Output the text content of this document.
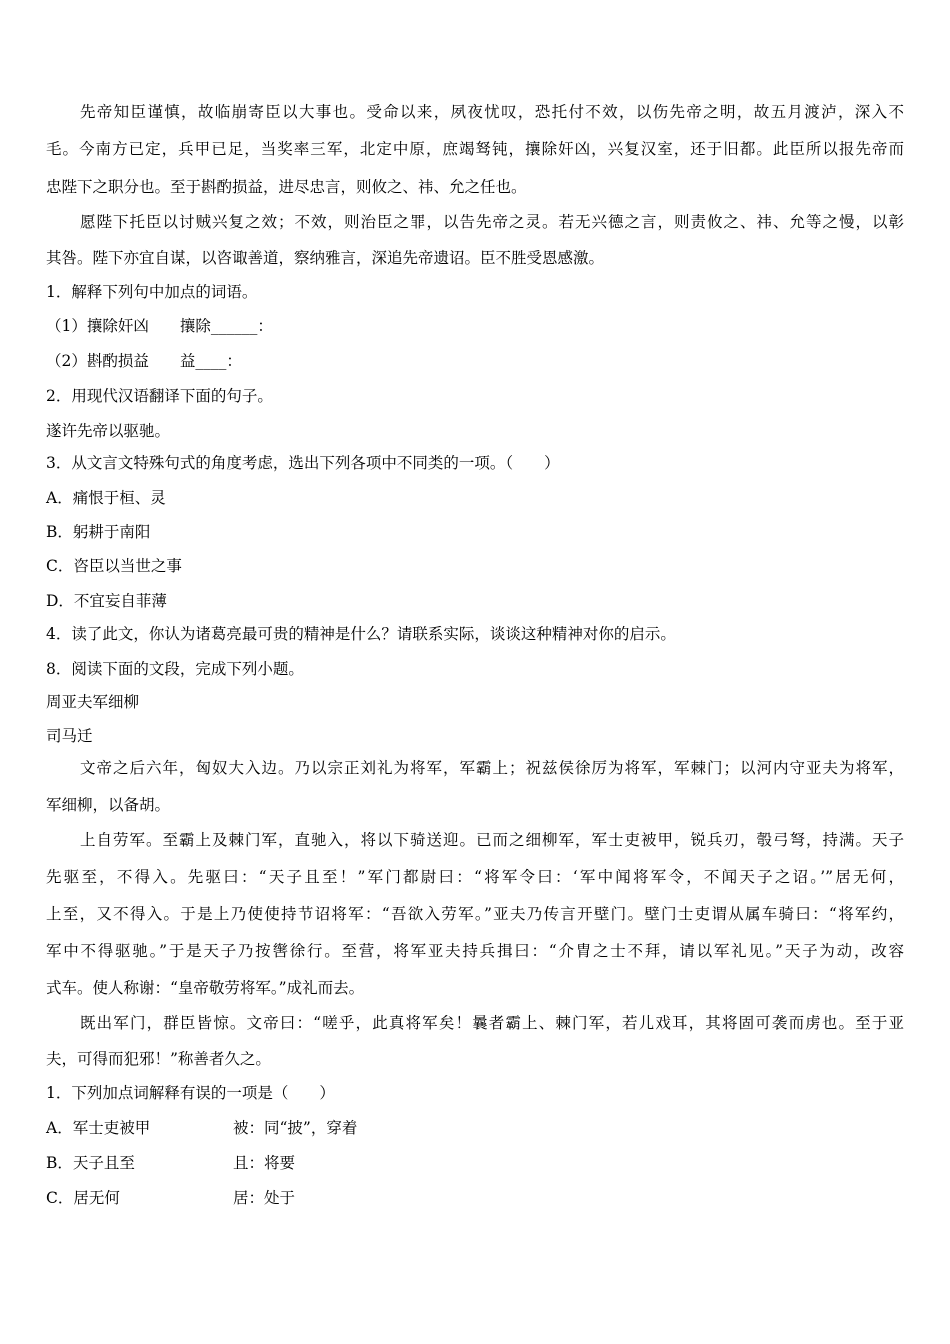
先帝知臣谨慎，故临崩寄臣以大事也。受命以来，夙夜忧叹，恐托付不效，以伤先帝之明，故五月渡泸，深入不
毛。今南方已定，兵甲已足，当奖率三军，北定中原，庶竭驽钝，攘除奸凶，兴复汉室，还于旧都。此臣所以报先帝而
忠陛下之职分也。至于斟酌损益，进尽忠言，则攸之、祎、允之任也。
愿陛下托臣以讨贼兴复之效；不效，则治臣之罪，以告先帝之灵。若无兴德之言，则责攸之、祎、允等之慢，以彰
其咎。陛下亦宜自谋，以咨诹善道，察纳雅言，深追先帝遗诏。臣不胜受恩感激。
1．解释下列句中加点的词语。
（1）攘除奸凶　　攘除______：
（2）斟酌损益　　益____：
2．用现代汉语翻译下面的句子。
遂许先帝以驱驰。
3．从文言文特殊句式的角度考虑，选出下列各项中不同类的一项。（　　）
A．痛恨于桓、灵
B．躬耕于南阳
C．咨臣以当世之事
D．不宜妄自菲薄
4．读了此文，你认为诸葛亮最可贵的精神是什么？请联系实际，谈谈这种精神对你的启示。
8．阅读下面的文段，完成下列小题。
周亚夫军细柳
司马迁
文帝之后六年，匈奴大入边。乃以宗正刘礼为将军，军霸上；祝兹侯徐厉为将军，军棘门；以河内守亚夫为将军，
军细柳，以备胡。
上自劳军。至霸上及棘门军，直驰入，将以下骑送迎。已而之细柳军，军士吏被甲，锐兵刃，彀弓弩，持满。天子
先驱至，不得入。先驱曰：“天子且至！”军门都尉曰：“将军令曰：‘军中闻将军令，不闻天子之诏。’”居无何，
上至，又不得入。于是上乃使使持节诏将军：“吾欲入劳军。”亚夫乃传言开壁门。壁门士吏谓从属车骑曰：“将军约，
军中不得驱驰。”于是天子乃按辔徐行。至营，将军亚夫持兵揖曰：“介胄之士不拜，请以军礼见。”天子为动，改容
式车。使人称谢：“皇帝敬劳将军。”成礼而去。
既出军门，群臣皆惊。文帝曰：“嗟乎，此真将军矣！曩者霸上、棘门军，若儿戏耳，其将固可袭而虏也。至于亚
夫，可得而犯邪！”称善者久之。
1．下列加点词解释有误的一项是（　　）
A．军士吏被甲	被：同“披”，穿着
B．天子且至	且：将要
C．居无何	居：处于
